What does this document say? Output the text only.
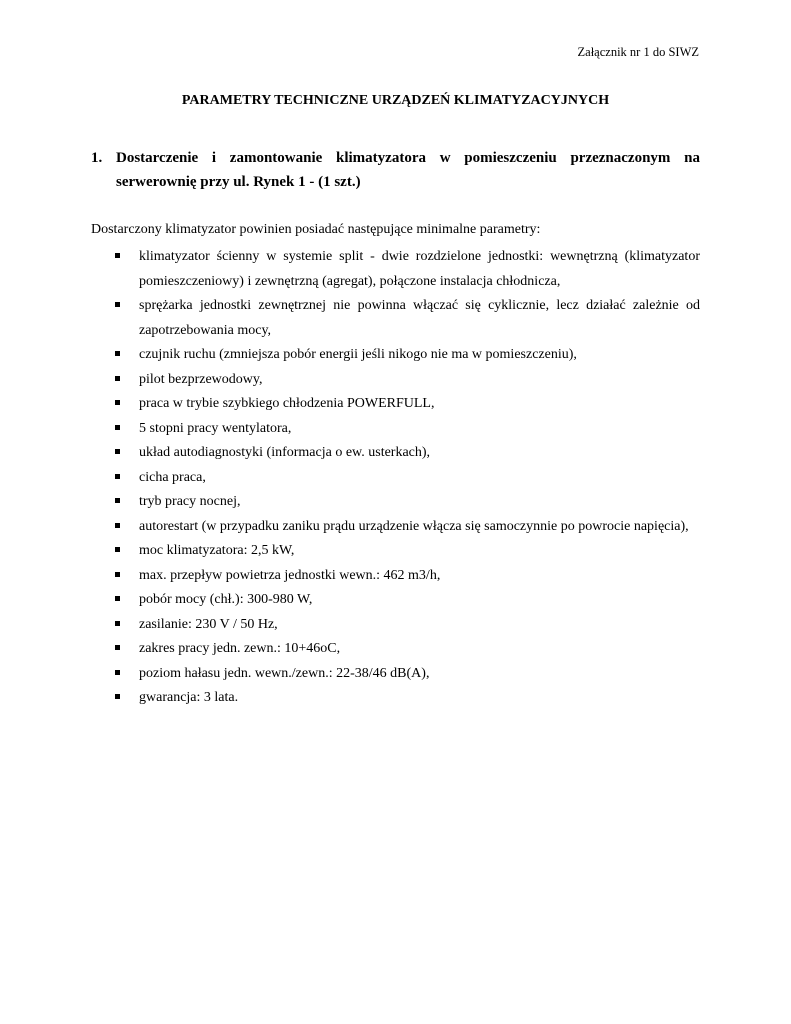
Załącznik nr 1 do SIWZ
PARAMETRY TECHNICZNE URZĄDZEŃ KLIMATYZACYJNYCH
1. Dostarczenie i zamontowanie klimatyzatora w pomieszczeniu przeznaczonym na serwerownię przy ul. Rynek 1 - (1 szt.)
Dostarczony klimatyzator powinien posiadać następujące minimalne parametry:
klimatyzator ścienny w systemie split - dwie rozdzielone jednostki: wewnętrzną (klimatyzator pomieszczeniowy) i zewnętrzną (agregat), połączone instalacja chłodnicza,
sprężarka jednostki zewnętrznej nie powinna włączać się cyklicznie, lecz działać zależnie od zapotrzebowania mocy,
czujnik ruchu (zmniejsza pobór energii jeśli nikogo nie ma w pomieszczeniu),
pilot bezprzewodowy,
praca w trybie szybkiego chłodzenia POWERFULL,
5 stopni pracy wentylatora,
układ autodiagnostyki (informacja o ew. usterkach),
cicha praca,
tryb pracy nocnej,
autorestart (w przypadku zaniku prądu urządzenie włącza się samoczynnie po powrocie napięcia),
moc klimatyzatora: 2,5 kW,
max. przepływ powietrza jednostki wewn.: 462 m3/h,
pobór mocy (chł.): 300-980 W,
zasilanie: 230 V / 50 Hz,
zakres pracy jedn. zewn.: 10+46oC,
poziom hałasu jedn. wewn./zewn.: 22-38/46 dB(A),
gwarancja: 3 lata.
